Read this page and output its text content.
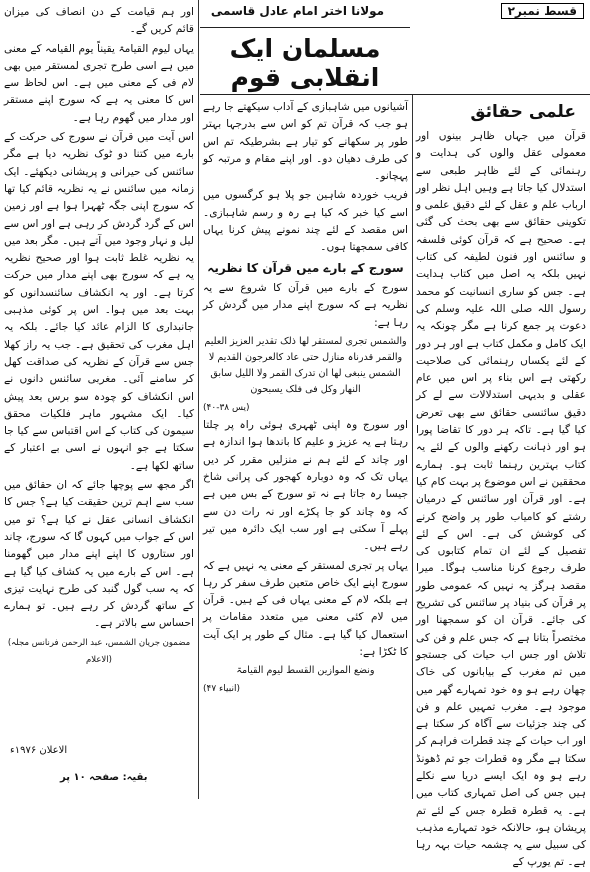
قسط نمبر۲
مولانا اختر امام عادل قاسمی
مسلمان ایک انقلابی قوم
علمی حقائق

قرآن میں جہاں ظاہر بینوں اور معمولی عقل والوں کی ہدایت و رہنمائی کے لئے ظاہر طبعی سے استدلال کیا جاتا ہے وہیں اہل نظر اور ارباب علم و عقل کے لئے دقیق علمی و تکوینی حقائق سے بھی بحث کی گئی ہے۔ صحیح ہے کہ قرآن کوئی فلسفہ و سائنس اور فنون لطیفہ کی کتاب نہیں بلکہ یہ اصل میں کتاب ہدایت ہے۔ جس کو ساری انسانیت کو محمد رسول اللہ صلی اللہ علیہ وسلم کی دعوت پر جمع کرنا ہے مگر چونکہ یہ ایک کامل و مکمل کتاب ہے اور ہر دور کے لئے یکساں رہنمائی کی صلاحیت رکھتی ہے اس بناء پر اس میں عام عقلی و بدیہی استدلالات سے لے کر دقیق سائنسی حقائق سے بھی تعرض کیا گیا ہے۔ تاکہ ہر دور کا تقاضا پورا ہو اور ذہانت رکھنے والوں کے لئے یہ کتاب بہترین رہنما ثابت ہو۔ ہمارے محققین نے اس موضوع پر بہت کام کیا ہے۔ اور قرآن اور سائنس کے درمیان رشتے کو کامیاب طور پر واضح کرنے کی کوشش کی ہے۔ اس کے لئے تفصیل کے لئے ان تمام کتابوں کی طرف رجوع کرنا مناسب ہوگا۔ میرا مقصد ہرگز یہ نہیں کہ عمومی طور پر قرآن کی بنیاد پر سائنس کی تشریح کی جائے۔ قرآن ان کو سمجھنا اور مختصراً بتانا ہے کہ جس علم و فن کی تلاش اور جس اب حیات کی جستجو میں تم مغرب کے بیابانوں کی خاک چھان رہے ہو وہ خود تمہارے گھر میں موجود ہے۔ مغرب تمہیں علم و فن کی چند جزئیات سے آگاہ کر سکتا ہے اور اب حیات کے چند قطرات فراہم کر سکتا ہے مگر وہ قطرات جو تم ڈھونڈ رہے ہو وہ ایک ایسے دریا سے نکلے ہیں جس کی اصل تمہاری کتاب میں ہے۔ یہ قطرہ قطرہ جس کے لئے تم پریشان ہو، حالانکہ خود تمہارے مذہب کی سبیل سے یہ چشمہ حیات بہہ رہا ہے۔ تم یورپ کے

آشیانوں میں شاہبازی کے آداب سیکھتے جا رہے ہو جب کہ قرآن تم کو اس سے بدرجہا بہتر طور پر سکھانے کو تیار ہے بشرطیکہ تم اس کی طرف دھیان دو۔ اور اپنے مقام و مرتبہ کو پہچانو۔

فریب خوردہ شاہین جو پلا ہو کرگسوں میں اسے کیا خبر کہ کیا ہے رہ و رسم شاہبازی۔ اس مقصد کے لئے چند نمونے پیش کرنا یہاں کافی سمجھتا ہوں۔

سورج کے بارے میں قرآن کا نظریہ

سورج کے بارے میں قرآن کا شروع سے یہ نظریہ ہے کہ سورج اپنے مدار میں گردش کر رہا ہے:

والشمس تجری لمستقر لھا ذلک تقدیر العزیز العلیم والقمر قدرناہ منازل حتی عاد کالعرجون القدیم لا الشمس ینبغی لھا ان تدرک القمر ولا اللیل سابق النھار وکل فی فلک یسبحون
(یس ۳۸-۴۰)

اور سورج وہ اپنی ٹھہری ہوئی راہ پر چلتا رہتا ہے یہ عزیز و علیم کا باندھا ہوا اندازہ ہے اور چاند کے لئے ہم نے منزلیں مقرر کر دیں یہاں تک کہ وہ دوبارہ کھجور کی پرانی شاخ جیسا رہ جاتا ہے نہ تو سورج کے بس میں ہے کہ وہ چاند کو جا پکڑے اور نہ رات دن سے پہلے آ سکتی ہے اور سب ایک دائرہ میں تیر رہے ہیں۔

یہاں پر تجری لمستقر کے معنی یہ نہیں ہے کہ سورج اپنے ایک خاص متعین طرف سفر کر رہا ہے بلکہ لام کے معنی یہاں فی کے ہیں۔ قرآن میں لام کئی معنی میں متعدد مقامات پر استعمال کیا گیا ہے۔ مثال کے طور پر ایک آیت کا ٹکڑا ہے:

ونضع الموازین القسط لیوم القیامۃ
(انبیاء ۴۷)

اور ہم قیامت کے دن انصاف کی میزان قائم کریں گے۔

یہاں لیوم القیامۃ یقیناً یوم القیامہ کے معنی میں ہے اسی طرح تجری لمستقر میں بھی لام فی کے معنی میں ہے۔ اس لحاظ سے اس کا معنی یہ ہے کہ سورج اپنے مستقر اور مدار میں گھوم رہا ہے۔

اس آیت میں قرآن نے سورج کی حرکت کے بارے میں کتنا دو ٹوک نظریہ دیا ہے مگر سائنس کی حیرانی و پریشانی دیکھئے۔ ایک زمانہ میں سائنس نے یہ نظریہ قائم کیا تھا کہ سورج اپنی جگہ ٹھہرا ہوا ہے اور زمین اس کے گرد گردش کر رہی ہے اور اس سے لیل و نہار وجود میں آتے ہیں۔ مگر بعد میں یہ نظریہ غلط ثابت ہوا اور صحیح نظریہ یہ ہے کہ سورج بھی اپنے مدار میں حرکت کرتا ہے۔ اور یہ انکشاف سائنسدانوں کو بہت بعد میں ہوا۔ اس پر کوئی مذہبی جانبداری کا الزام عائد کیا جائے۔ بلکہ یہ اہل مغرب کی تحقیق ہے۔ جب یہ راز کھلا جس سے قرآن کے نظریہ کی صداقت کھل کر سامنے آئی۔ مغربی سائنس دانوں نے اس انکشاف کو چودہ سو برس بعد پیش کیا۔ ایک مشہور ماہر فلکیات محقق سیمون کی کتاب کے اس اقتباس سے کیا جا سکتا ہے جو انہوں نے اسی بے اعتبار کے ساتھ لکھا ہے۔

اگر مجھ سے پوچھا جائے کہ ان حقائق میں سب سے اہم ترین حقیقت کیا ہے؟ جس کا انکشاف انسانی عقل نے کیا ہے؟ تو میں اس کے جواب میں کہوں گا کہ سورج، چاند اور ستاروں کا اپنے اپنے مدار میں گھومنا ہے۔ اس کے بارے میں یہ کشاف کیا گیا ہے کہ یہ سب گول گنبد کی طرح نہایت تیزی کے ساتھ گردش کر رہے ہیں۔ تو ہمارے احساس سے بالاتر ہے۔

(مضمون جریان الشمس، عبد الرحمن فرنانس مجلہ الاعلام)
الاعلان ۱۹۷۶ء
بقیہ: صفحہ ۱۰ پر
